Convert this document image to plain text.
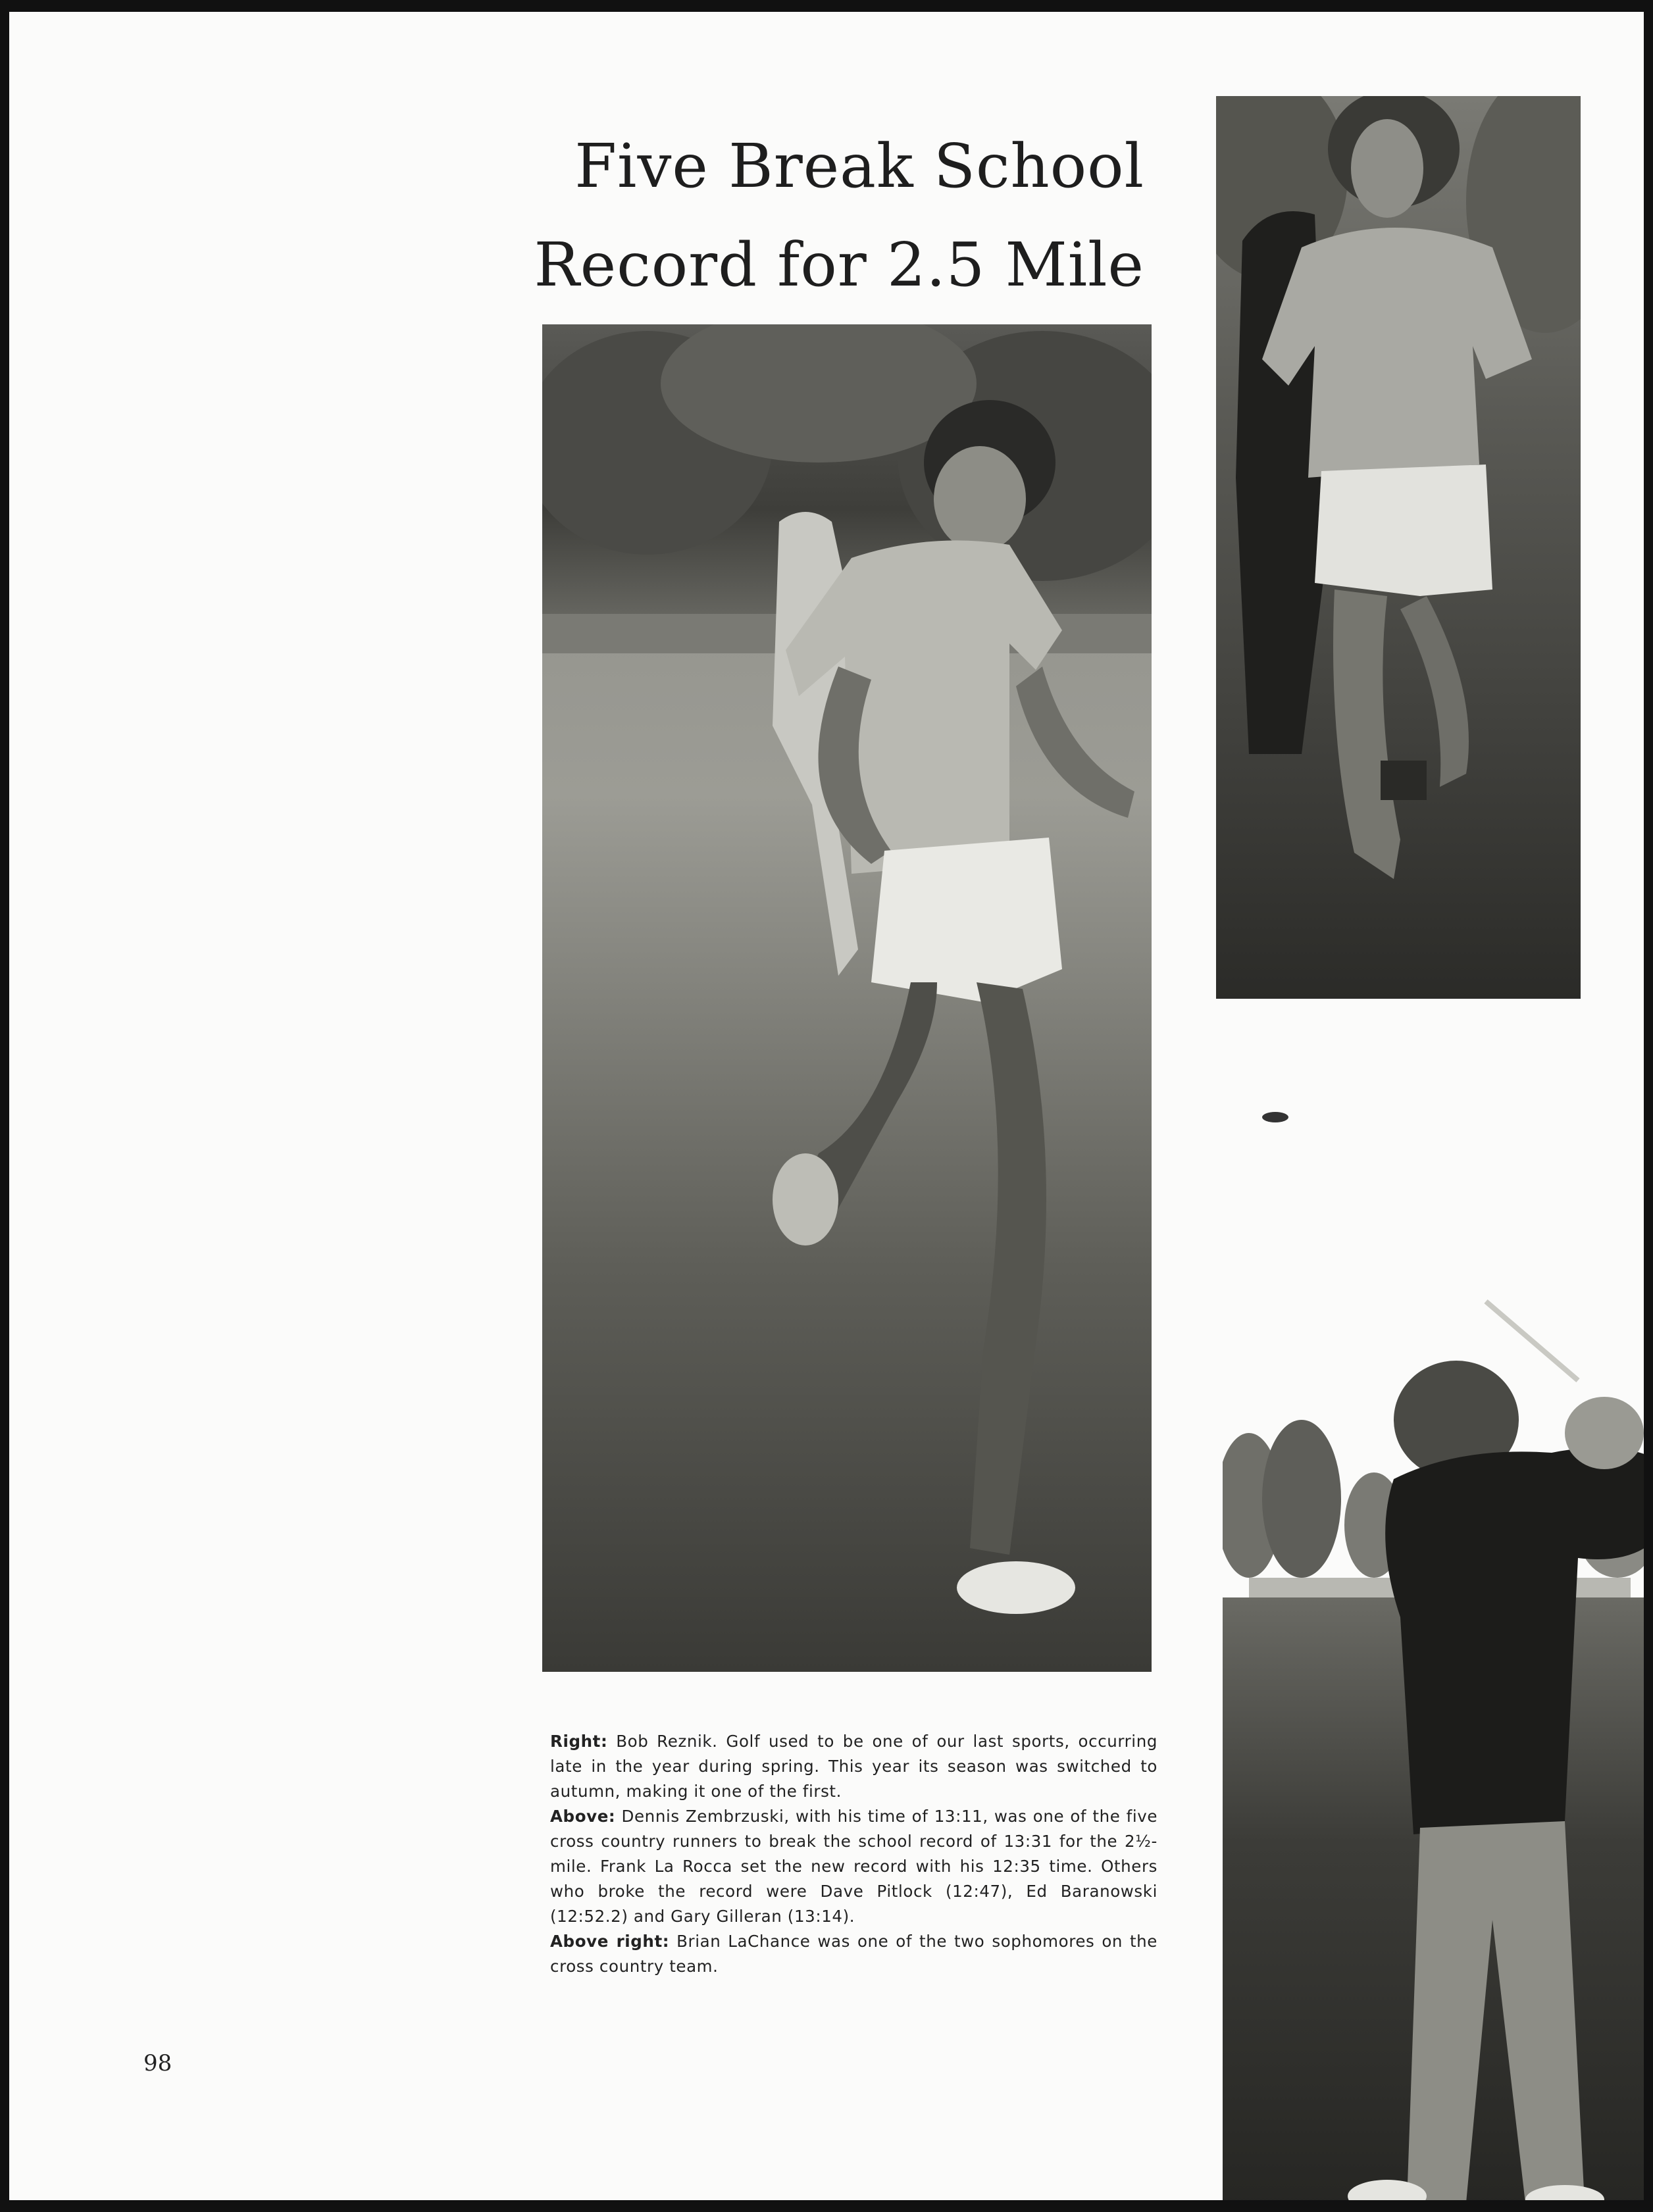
Five Break School
Record for 2.5 Mile

Right: Bob Reznik. Golf used to be one of our last sports, occurring late in the year during spring. This year its season was switched to autumn, making it one of the first.

Above: Dennis Zembrzuski, with his time of 13:11, was one of the five cross country runners to break the school record of 13:31 for the 2½-mile. Frank La Rocca set the new record with his 12:35 time. Others who broke the record were Dave Pitlock (12:47), Ed Baranowski (12:52.2) and Gary Gilleran (13:14).

Above right: Brian LaChance was one of the two sophomores on the cross country team.

98
